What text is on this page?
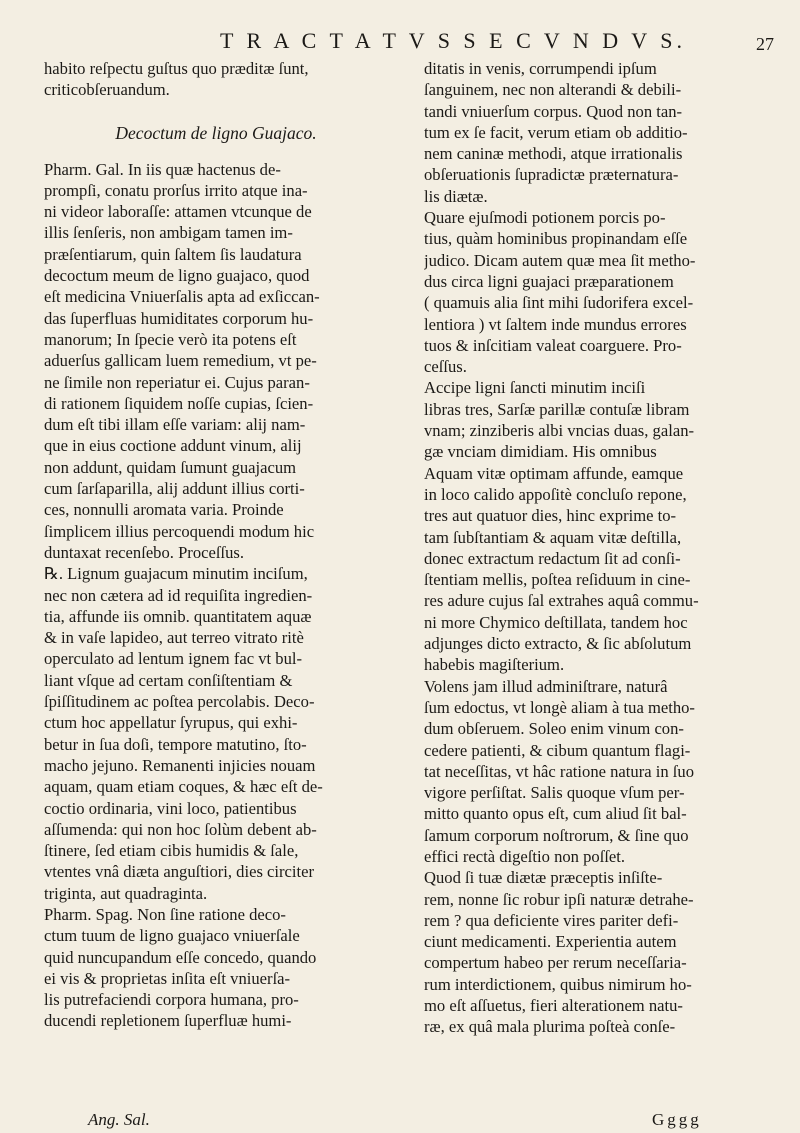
T R A C T A T V S S E C V N D V S.	27
habito reſpectu guſtus quo præditæ ſunt,
criticobſeruandum.
Decoctum de ligno Guajaco.
Pharm. Gal. In iis quæ hactenus de-
prompſi, conatu prorſus irrito atque ina-
ni videor laboraſſe: attamen vtcunque de
illis ſenſeris, non ambigam tamen im-
præſentiarum, quin ſaltem ſis laudatura
decoctum meum de ligno guajaco, quod
eſt medicina Vniuerſalis apta ad exſiccan-
das ſuperfluas humiditates corporum hu-
manorum; In ſpecie verò ita potens eſt
aduerſus gallicam luem remedium, vt pe-
ne ſimile non reperiatur ei. Cujus paran-
di rationem ſiquidem noſſe cupias, ſcien-
dum eſt tibi illam eſſe variam: alij nam-
que in eius coctione addunt vinum, alij
non addunt, quidam ſumunt guajacum
cum ſarſaparilla, alij addunt illius corti-
ces, nonnulli aromata varia. Proinde
ſimplicem illius percoquendi modum hic
duntaxat recenſebo. Proceſſus.
℞. Lignum guajacum minutim inciſum,
nec non cætera ad id requiſita ingredien-
tia, affunde iis omnib. quantitatem aquæ
& in vaſe lapideo, aut terreo vitrato ritè
operculato ad lentum ignem fac vt bul-
liant vſque ad certam conſiſtentiam &
ſpiſſitudinem ac poſtea percolabis. Deco-
ctum hoc appellatur ſyrupus, qui exhi-
betur in ſua doſi, tempore matutino, ſto-
macho jejuno. Remanenti injicies nouam
aquam, quam etiam coques, & hæc eſt de-
coctio ordinaria, vini loco, patientibus
aſſumenda: qui non hoc ſolùm debent ab-
ſtinere, ſed etiam cibis humidis & ſale,
vtentes vnâ diæta anguſtiori, dies circiter
triginta, aut quadraginta.
Pharm. Spag. Non ſine ratione deco-
ctum tuum de ligno guajaco vniuerſale
quid nuncupandum eſſe concedo, quando
ei vis & proprietas inſita eſt vniuerſa-
lis putrefaciendi corpora humana, pro-
ducendi repletionem ſuperfluæ humi-
ditatis in venis, corrumpendi ipſum
ſanguinem, nec non alterandi & debili-
tandi vniuerſum corpus. Quod non tan-
tum ex ſe facit, verum etiam ob additio-
nem caninæ methodi, atque irrationalis
obſeruationis ſupradictæ præternatura-
lis diætæ.
Quare ejuſmodi potionem porcis po-
tius, quàm hominibus propinandam eſſe
judico. Dicam autem quæ mea ſit metho-
dus circa ligni guajaci præparationem
( quamuis alia ſint mihi ſudorifera excel-
lentiora ) vt ſaltem inde mundus errores
tuos & inſcitiam valeat coarguere. Pro-
ceſſus.
Accipe ligni ſancti minutim inciſi
libras tres, Sarſæ parillæ contuſæ libram
vnam; zinziberis albi vncias duas, galan-
gæ vnciam dimidiam. His omnibus
Aquam vitæ optimam affunde, eamque
in loco calido appoſitè concluſo repone,
tres aut quatuor dies, hinc exprime to-
tam ſubſtantiam & aquam vitæ deſtilla,
donec extractum redactum ſit ad conſi-
ſtentiam mellis, poſtea reſiduum in cine-
res adure cujus ſal extrahes aquâ commu-
ni more Chymico deſtillata, tandem hoc
adjunges dicto extracto, & ſic abſolutum
habebis magiſterium.
Volens jam illud adminiſtrare, naturâ
ſum edoctus, vt longè aliam à tua metho-
dum obſeruem. Soleo enim vinum con-
cedere patienti, & cibum quantum flagi-
tat neceſſitas, vt hâc ratione natura in ſuo
vigore perſiſtat. Salis quoque vſum per-
mitto quanto opus eſt, cum aliud ſit bal-
ſamum corporum noſtrorum, & ſine quo
effici rectà digeſtio non poſſet.
Quod ſi tuæ diætæ præceptis inſiſte-
rem, nonne ſic robur ipſi naturæ detrahe-
rem ? qua deficiente vires pariter defi-
ciunt medicamenti. Experientia autem
compertum habeo per rerum neceſſaria-
rum interdictionem, quibus nimirum ho-
mo eſt aſſuetus, fieri alterationem natu-
ræ, ex quâ mala plurima poſteà conſe-
Ang. Sal.	Gggg
